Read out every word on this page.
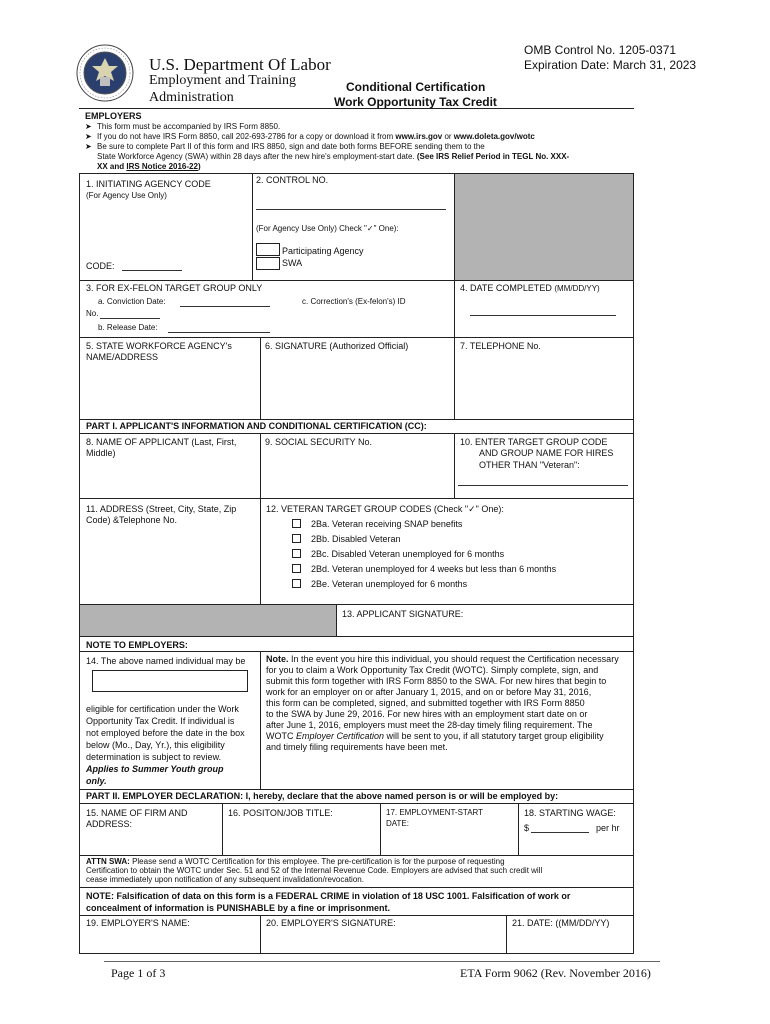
U.S. Department Of Labor
Employment and Training
Administration
Conditional Certification
Work Opportunity Tax Credit
OMB Control No. 1205-0371
Expiration Date: March 31, 2023
EMPLOYERS
➤ This form must be accompanied by IRS Form 8850.
➤ If you do not have IRS Form 8850, call 202-693-2786 for a copy or download it from www.irs.gov or www.doleta.gov/wotc
➤ Be sure to complete Part II of this form and IRS 8850, sign and date both forms BEFORE sending them to the
State Workforce Agency (SWA) within 28 days after the new hire's employment-start date. (See IRS Relief Period in TEGL No. XXX-
XX and IRS Notice 2016-22)
1. INITIATING AGENCY CODE
(For Agency Use Only)
CODE:
2. CONTROL NO.
(For Agency Use Only) Check "✓" One):
Participating Agency
SWA
3. FOR EX-FELON TARGET GROUP ONLY
a. Conviction Date:	c. Correction's (Ex-felon's) ID
No.
b. Release Date:
4. DATE COMPLETED (MM/DD/YY)
5. STATE WORKFORCE AGENCY's
NAME/ADDRESS
6. SIGNATURE (Authorized Official)	7. TELEPHONE No.
PART I. APPLICANT'S INFORMATION AND CONDITIONAL CERTIFICATION (CC):
8. NAME OF APPLICANT (Last, First,
Middle)
9. SOCIAL SECURITY No.	10. ENTER TARGET GROUP CODE
AND GROUP NAME FOR HIRES
OTHER THAN "Veteran":
11. ADDRESS (Street, City, State, Zip
Code) &Telephone No.
12. VETERAN TARGET GROUP CODES (Check "✓" One):
2Ba. Veteran receiving SNAP benefits
2Bb. Disabled Veteran
2Bc. Disabled Veteran unemployed for 6 months
2Bd. Veteran unemployed for 4 weeks but less than 6 months
2Be. Veteran unemployed for 6 months
13. APPLICANT SIGNATURE:
NOTE TO EMPLOYERS:
14. The above named individual may be
eligible for certification under the Work
Opportunity Tax Credit. If individual is
not employed before the date in the box
below (Mo., Day, Yr.), this eligibility
determination is subject to review.
Applies to Summer Youth group
only.
Note. In the event you hire this individual, you should request the Certification necessary
for you to claim a Work Opportunity Tax Credit (WOTC). Simply complete, sign, and
submit this form together with IRS Form 8850 to the SWA. For new hires that begin to
work for an employer on or after January 1, 2015, and on or before May 31, 2016,
this form can be completed, signed, and submitted together with IRS Form 8850
to the SWA by June 29, 2016. For new hires with an employment start date on or
after June 1, 2016, employers must meet the 28-day timely filing requirement. The
WOTC Employer Certification will be sent to you, if all statutory target group eligibility
and timely filing requirements have been met.
PART II. EMPLOYER DECLARATION: I, hereby, declare that the above named person is or will be employed by:
15. NAME OF FIRM AND
ADDRESS:
16. POSITON/JOB TITLE:	17. EMPLOYMENT-START
DATE:
18. STARTING WAGE:
$	per hr
ATTN SWA: Please send a WOTC Certification for this employee. The pre-certification is for the purpose of requesting
Certification to obtain the WOTC under Sec. 51 and 52 of the Internal Revenue Code. Employers are advised that such credit will
cease immediately upon notification of any subsequent invalidation/revocation.
NOTE: Falsification of data on this form is a FEDERAL CRIME in violation of 18 USC 1001. Falsification of work or
concealment of information is PUNISHABLE by a fine or imprisonment.
19. EMPLOYER'S NAME:	20. EMPLOYER'S SIGNATURE:	21. DATE: ((MM/DD/YY)
Page 1 of 3	ETA Form 9062 (Rev. November 2016)
